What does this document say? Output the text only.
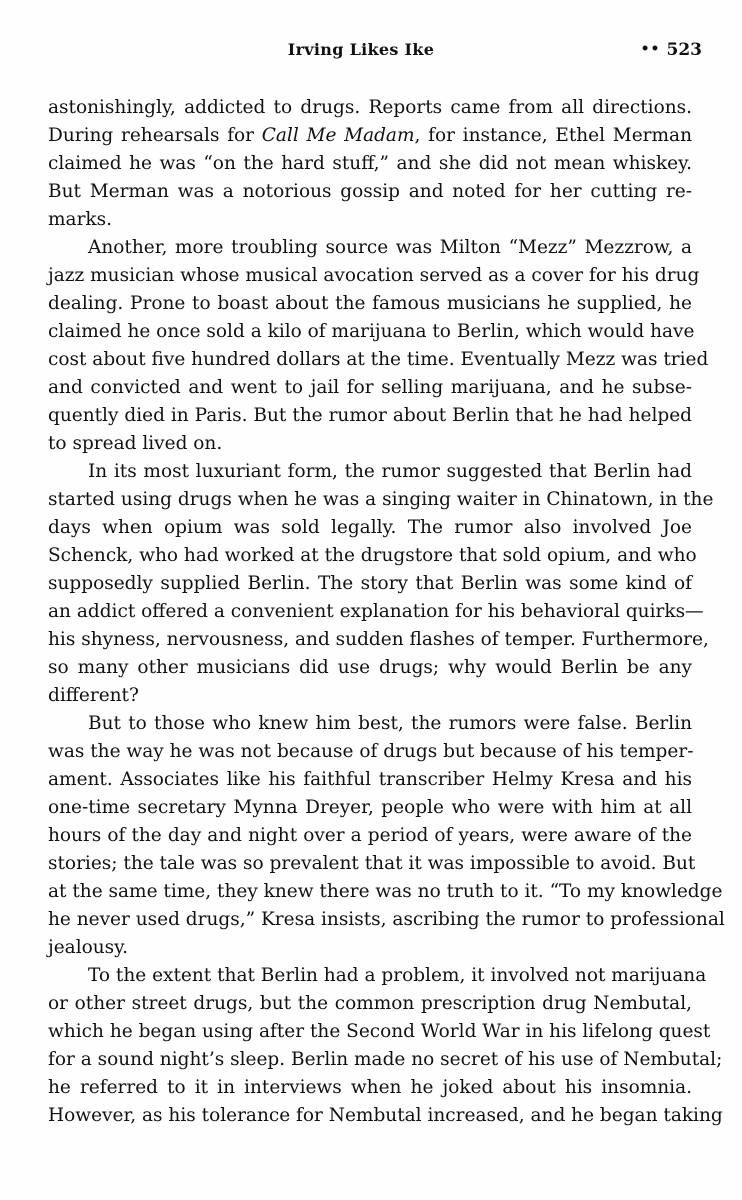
Irving Likes Ike	•• 523

astonishingly, addicted to drugs. Reports came from all directions.
During rehearsals for Call Me Madam, for instance, Ethel Merman
claimed he was “on the hard stuff,” and she did not mean whiskey.
But Merman was a notorious gossip and noted for her cutting re-
marks.

Another, more troubling source was Milton “Mezz” Mezzrow, a
jazz musician whose musical avocation served as a cover for his drug
dealing. Prone to boast about the famous musicians he supplied, he
claimed he once sold a kilo of marijuana to Berlin, which would have
cost about five hundred dollars at the time. Eventually Mezz was tried
and convicted and went to jail for selling marijuana, and he subse-
quently died in Paris. But the rumor about Berlin that he had helped
to spread lived on.

In its most luxuriant form, the rumor suggested that Berlin had
started using drugs when he was a singing waiter in Chinatown, in the
days when opium was sold legally. The rumor also involved Joe
Schenck, who had worked at the drugstore that sold opium, and who
supposedly supplied Berlin. The story that Berlin was some kind of
an addict offered a convenient explanation for his behavioral quirks—
his shyness, nervousness, and sudden flashes of temper. Furthermore,
so many other musicians did use drugs; why would Berlin be any
different?

But to those who knew him best, the rumors were false. Berlin
was the way he was not because of drugs but because of his temper-
ament. Associates like his faithful transcriber Helmy Kresa and his
one-time secretary Mynna Dreyer, people who were with him at all
hours of the day and night over a period of years, were aware of the
stories; the tale was so prevalent that it was impossible to avoid. But
at the same time, they knew there was no truth to it. “To my knowledge
he never used drugs,” Kresa insists, ascribing the rumor to professional
jealousy.

To the extent that Berlin had a problem, it involved not marijuana
or other street drugs, but the common prescription drug Nembutal,
which he began using after the Second World War in his lifelong quest
for a sound night’s sleep. Berlin made no secret of his use of Nembutal;
he referred to it in interviews when he joked about his insomnia.
However, as his tolerance for Nembutal increased, and he began taking
